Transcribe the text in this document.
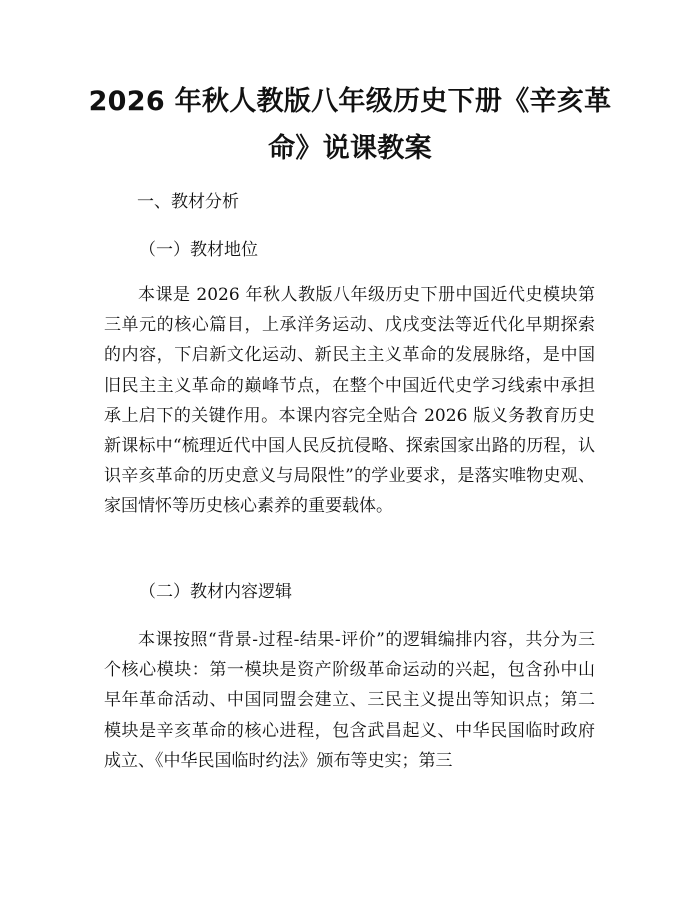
2026 年秋人教版八年级历史下册《辛亥革
命》说课教案
一、教材分析
（一）教材地位
本课是 2026 年秋人教版八年级历史下册中国近代史模块第三单元的核心篇目，上承洋务运动、戊戌变法等近代化早期探索的内容，下启新文化运动、新民主主义革命的发展脉络，是中国旧民主主义革命的巅峰节点，在整个中国近代史学习线索中承担承上启下的关键作用。本课内容完全贴合 2026 版义务教育历史新课标中“梳理近代中国人民反抗侵略、探索国家出路的历程，认识辛亥革命的历史意义与局限性”的学业要求，是落实唯物史观、家国情怀等历史核心素养的重要载体。
（二）教材内容逻辑
本课按照“背景-过程-结果-评价”的逻辑编排内容，共分为三个核心模块：第一模块是资产阶级革命运动的兴起，包含孙中山早年革命活动、中国同盟会建立、三民主义提出等知识点；第二模块是辛亥革命的核心进程，包含武昌起义、中华民国临时政府成立、《中华民国临时约法》颁布等史实；第三
